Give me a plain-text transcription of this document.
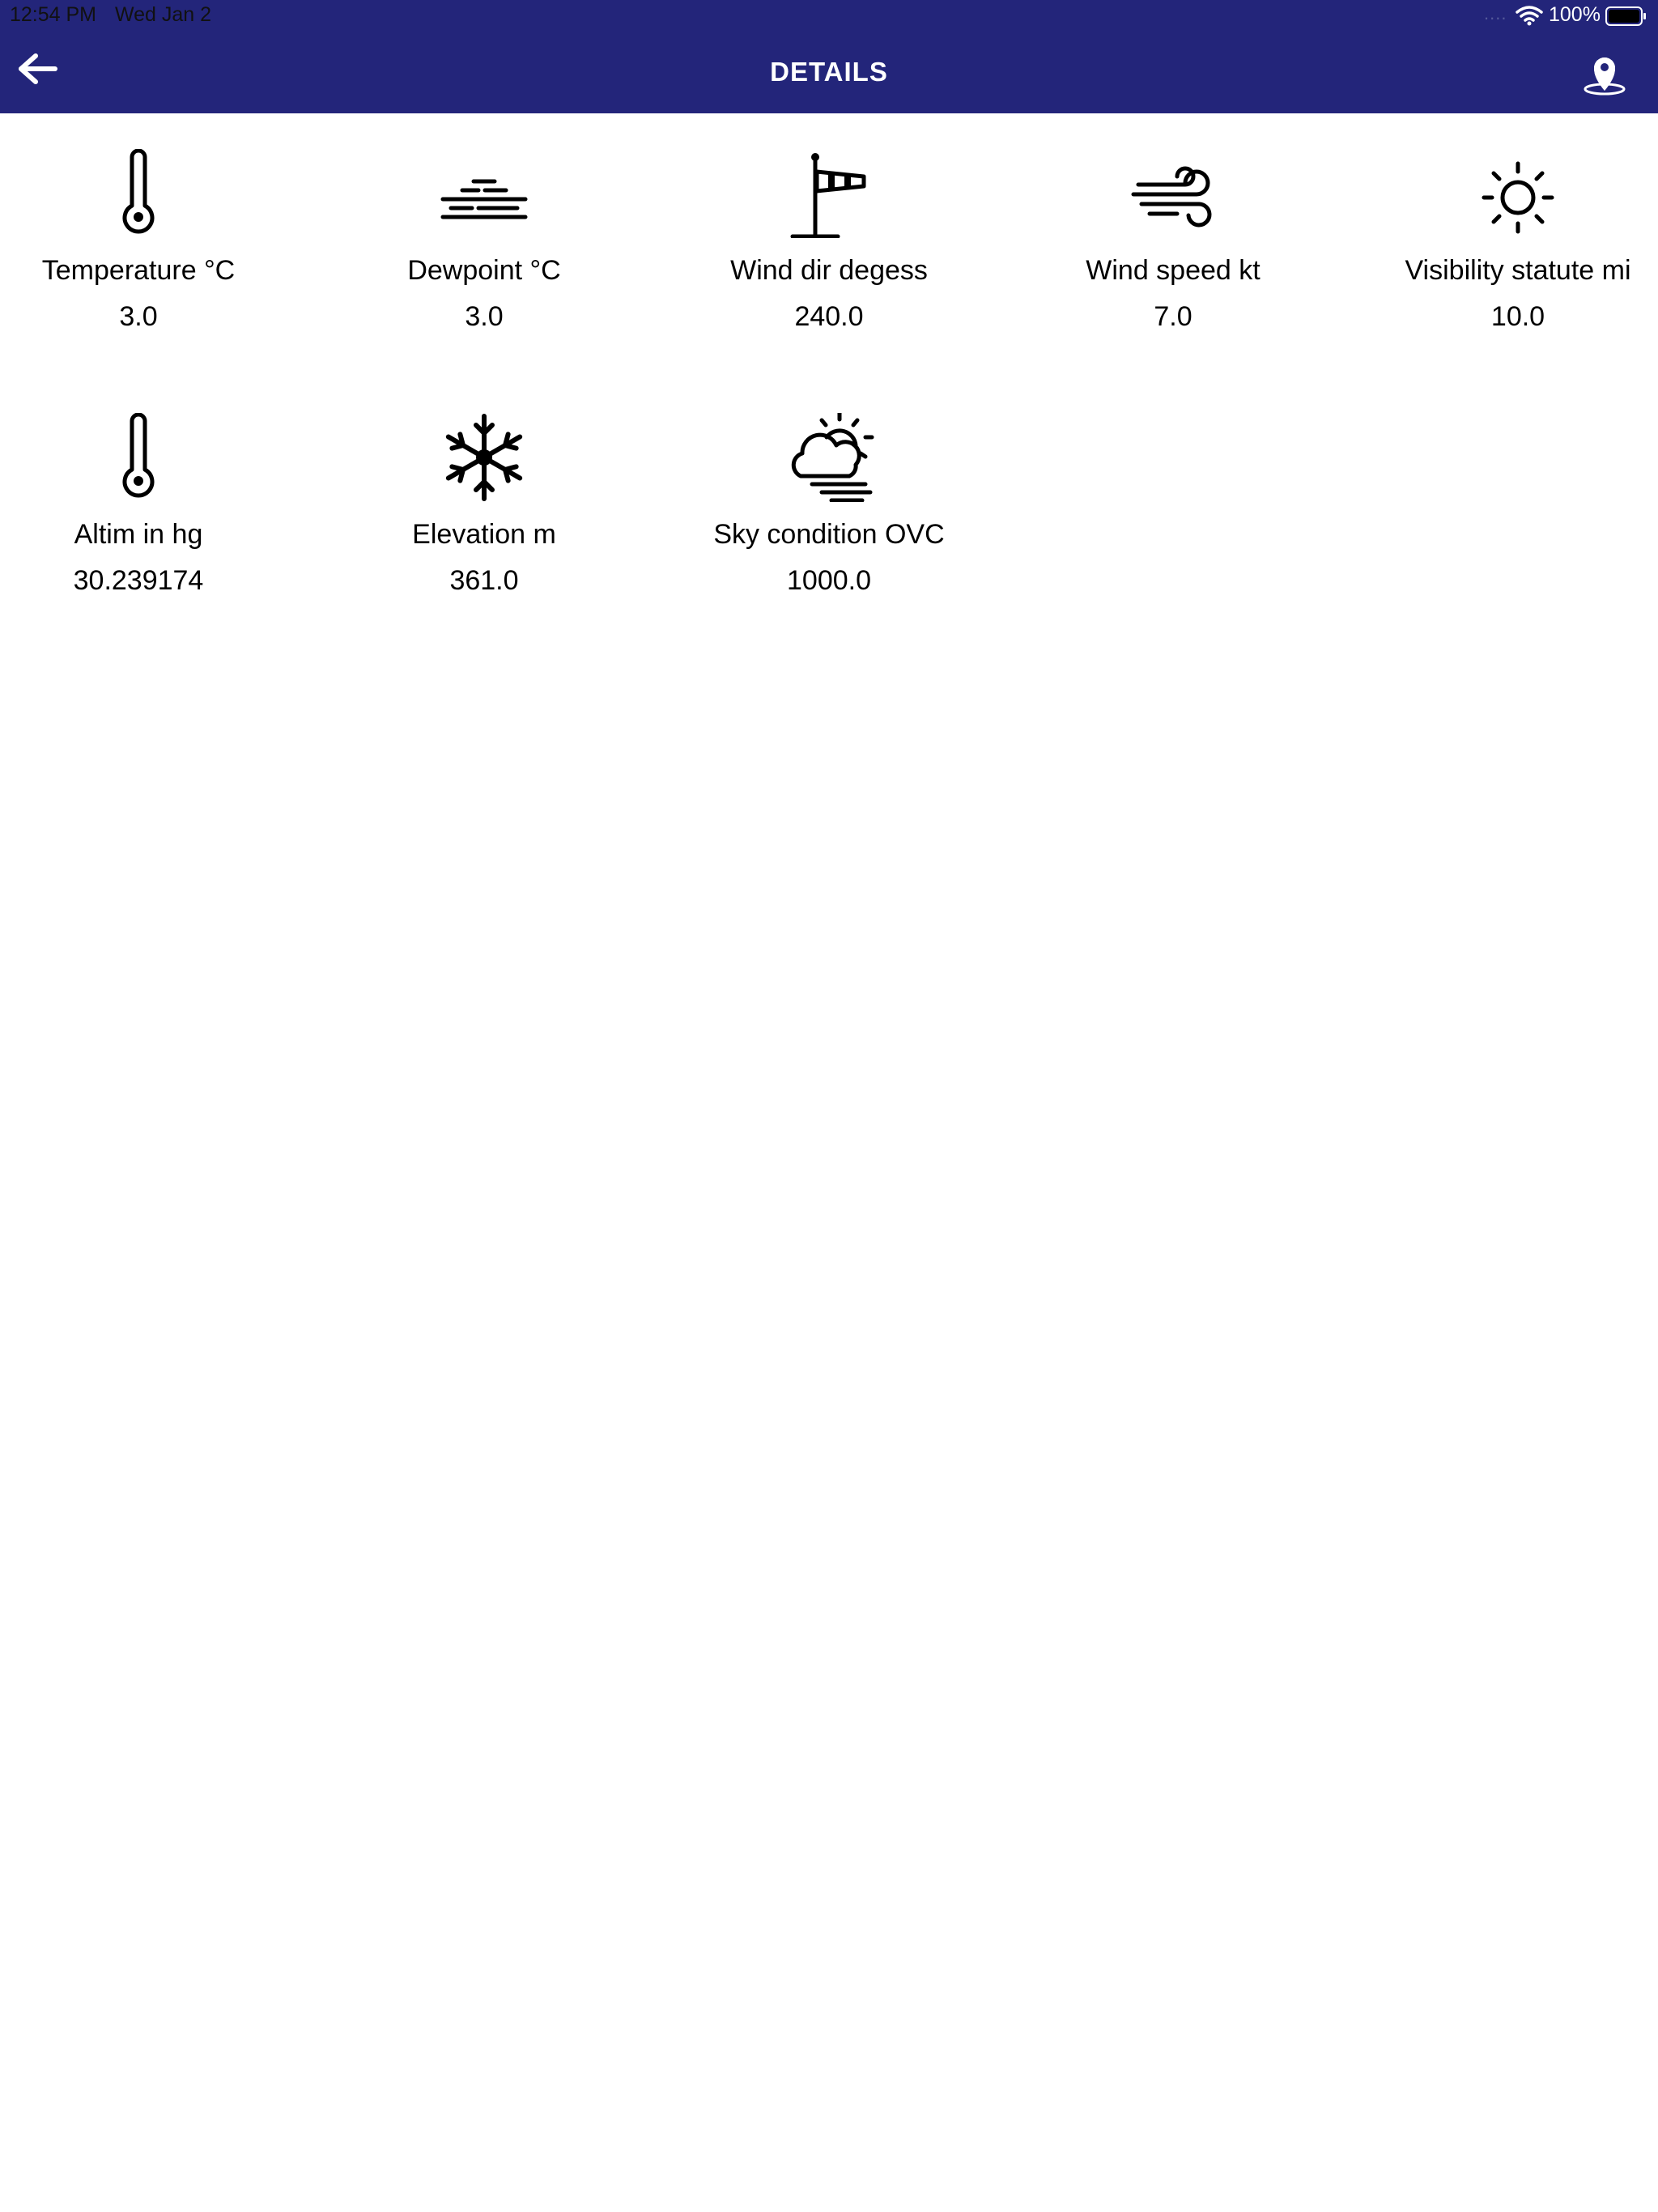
12:54 PM Wed Jan 2	.... 100%
DETAILS
Temperature °C
3.0
Dewpoint °C
3.0
Wind dir degess
240.0
Wind speed kt
7.0
Visibility statute mi
10.0
Altim in hg
30.239174
Elevation m
361.0
Sky condition OVC
1000.0
